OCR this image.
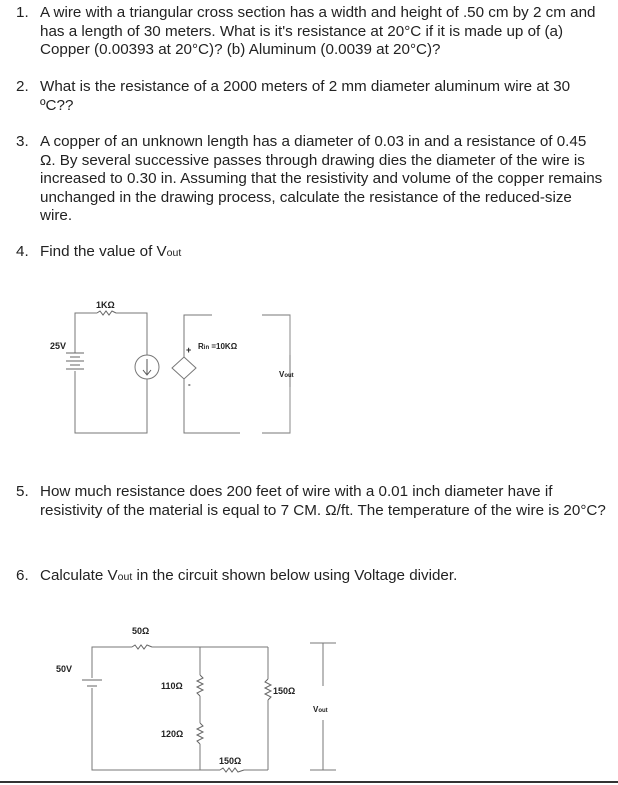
1. A wire with a triangular cross section has a width and height of .50 cm by 2 cm and has a length of 30 meters. What is it's resistance at 20°C if it is made up of (a) Copper (0.00393 at 20°C)? (b) Aluminum (0.0039 at 20°C)?
2. What is the resistance of a 2000 meters of 2 mm diameter aluminum wire at 30 ºC??
3. A copper of an unknown length has a diameter of 0.03 in and a resistance of 0.45 Ω. By several successive passes through drawing dies the diameter of the wire is increased to 0.30 in. Assuming that the resistivity and volume of the copper remains unchanged in the drawing process, calculate the resistance of the reduced-size wire.
4. Find the value of Vout
1KΩ
25V	+
-
Rin =10KΩ
Vout
5. How much resistance does 200 feet of wire with a 0.01 inch diameter have if resistivity of the material is equal to 7 CM. Ω/ft. The temperature of the wire is 20°C?
6. Calculate Vout in the circuit shown below using Voltage divider.
50Ω
110Ω
120Ω
150Ω
150Ω
50V
Vout
